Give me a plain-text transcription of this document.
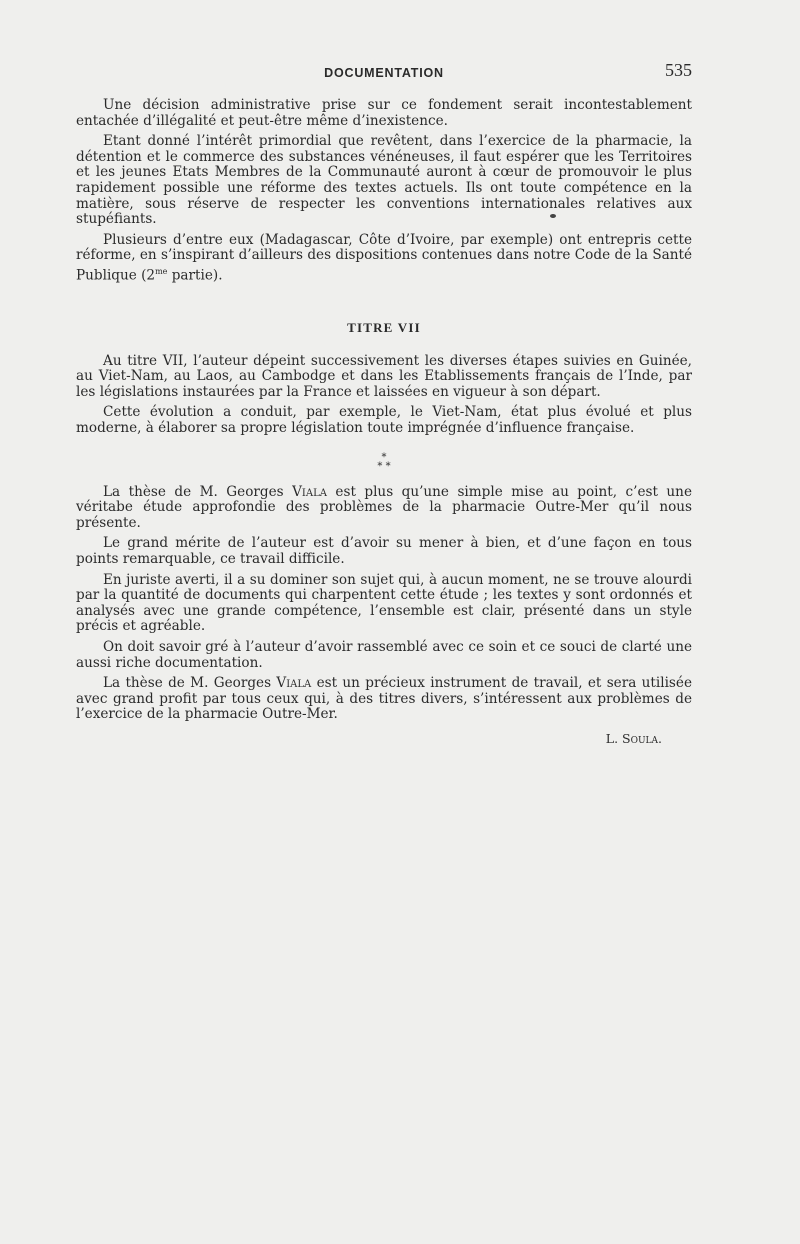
DOCUMENTATION	535

Une décision administrative prise sur ce fondement serait incontestablement entachée d’illégalité et peut-être même d’inexistence.

Etant donné l’intérêt primordial que revêtent, dans l’exercice de la pharmacie, la détention et le commerce des substances vénéneuses, il faut espérer que les Territoires et les jeunes Etats Membres de la Communauté auront à cœur de promouvoir le plus rapidement possible une réforme des textes actuels. Ils ont toute compétence en la matière, sous réserve de respecter les conventions internationales relatives aux stupéfiants.

Plusieurs d’entre eux (Madagascar, Côte d’Ivoire, par exemple) ont entrepris cette réforme, en s’inspirant d’ailleurs des dispositions contenues dans notre Code de la Santé Publique ($2^{me}$ partie).

TITRE VII

Au titre VII, l’auteur dépeint successivement les diverses étapes suivies en Guinée, au Viet-Nam, au Laos, au Cambodge et dans les Etablissements français de l’Inde, par les législations instaurées par la France et laissées en vigueur à son départ.

Cette évolution a conduit, par exemple, le Viet-Nam, état plus évolué et plus moderne, à élaborer sa propre législation toute imprégnée d’influence française.

*
* *

La thèse de M. Georges Viala est plus qu’une simple mise au point, c’est une véritabe étude approfondie des problèmes de la pharmacie Outre-Mer qu’il nous présente.

Le grand mérite de l’auteur est d’avoir su mener à bien, et d’une façon en tous points remarquable, ce travail difficile.

En juriste averti, il a su dominer son sujet qui, à aucun moment, ne se trouve alourdi par la quantité de documents qui charpentent cette étude ; les textes y sont ordonnés et analysés avec une grande compétence, l’ensemble est clair, présenté dans un style précis et agréable.

On doit savoir gré à l’auteur d’avoir rassemblé avec ce soin et ce souci de clarté une aussi riche documentation.

La thèse de M. Georges Viala est un précieux instrument de travail, et sera utilisée avec grand profit par tous ceux qui, à des titres divers, s’intéressent aux problèmes de l’exercice de la pharmacie Outre-Mer.

L. Soula.
